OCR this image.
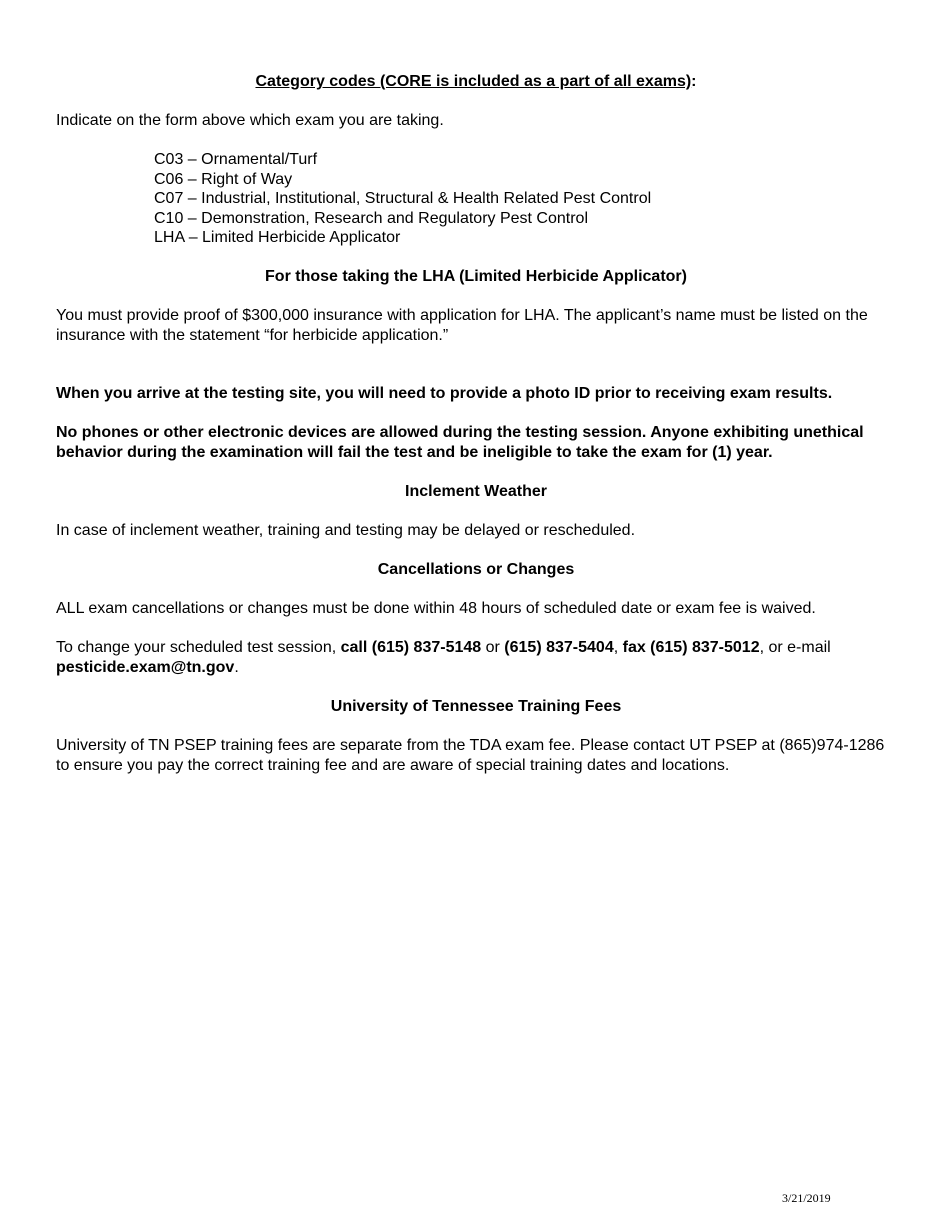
Category codes (CORE is included as a part of all exams):

Indicate on the form above which exam you are taking.

C03 – Ornamental/Turf
C06 – Right of Way
C07 – Industrial, Institutional, Structural & Health Related Pest Control
C10 – Demonstration, Research and Regulatory Pest Control
LHA – Limited Herbicide Applicator

For those taking the LHA (Limited Herbicide Applicator)

You must provide proof of $300,000 insurance with application for LHA. The applicant’s name must be listed on the insurance with the statement “for herbicide application.”

When you arrive at the testing site, you will need to provide a photo ID prior to receiving exam results.

No phones or other electronic devices are allowed during the testing session. Anyone exhibiting unethical behavior during the examination will fail the test and be ineligible to take the exam for (1) year.

Inclement Weather

In case of inclement weather, training and testing may be delayed or rescheduled.

Cancellations or Changes

ALL exam cancellations or changes must be done within 48 hours of scheduled date or exam fee is waived.

To change your scheduled test session, call (615) 837-5148 or (615) 837-5404, fax (615) 837-5012, or e-mail pesticide.exam@tn.gov.

University of Tennessee Training Fees

University of TN PSEP training fees are separate from the TDA exam fee. Please contact UT PSEP at (865)974-1286 to ensure you pay the correct training fee and are aware of special training dates and locations.

3/21/2019
